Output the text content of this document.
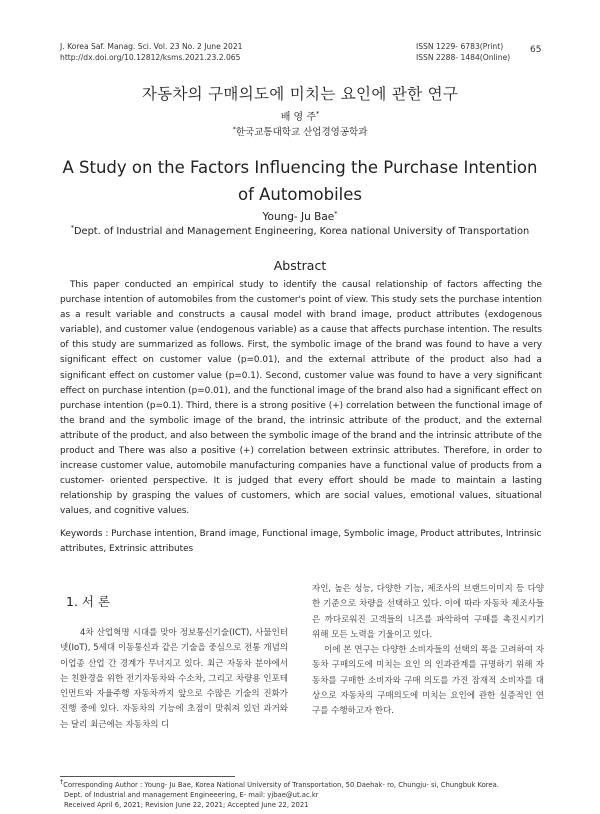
J. Korea Saf. Manag. Sci. Vol. 23 No. 2 June 2021
http://dx.doi.org/10.12812/ksms.2021.23.2.065
ISSN 1229- 6783(Print)
ISSN 2288- 1484(Online)
65
자동차의 구매의도에 미치는 요인에 관한 연구
배 영 주*
*한국교통대학교 산업경영공학과
A Study on the Factors Influencing the Purchase Intention
of Automobiles
Young- Ju Bae*
*Dept. of Industrial and Management Engineering, Korea national University of Transportation
Abstract

This paper conducted an empirical study to identify the causal relationship of factors affecting the purchase intention of automobiles from the customer's point of view. This study sets the purchase intention as a result variable and constructs a causal model with brand image, product attributes (exdogenous variable), and customer value (endogenous variable) as a cause that affects purchase intention. The results of this study are summarized as follows. First, the symbolic image of the brand was found to have a very significant effect on customer value (p=0.01), and the external attribute of the product also had a significant effect on customer value (p=0.1). Second, customer value was found to have a very significant effect on purchase intention (p=0.01), and the functional image of the brand also had a significant effect on purchase intention (p=0.1). Third, there is a strong positive (+) correlation between the functional image of the brand and the symbolic image of the brand, the intrinsic attribute of the product, and the external attribute of the product, and also between the symbolic image of the brand and the intrinsic attribute of the product and There was also a positive (+) correlation between extrinsic attributes. Therefore, in order to increase customer value, automobile manufacturing companies have a functional value of products from a customer- oriented perspective. It is judged that every effort should be made to maintain a lasting relationship by grasping the values of customers, which are social values, emotional values, situational values, and cognitive values.

Keywords : Purchase intention, Brand image, Functional image, Symbolic image, Product attributes, Intrinsic attributes, Extrinsic attributes
1. 서 론

4차 산업혁명 시대를 맞아 정보통신기술(ICT), 사물인터넷(IoT), 5세대 이동통신과 같은 기술을 중심으로 전통 개념의 이업종 산업 간 경계가 무너지고 있다. 최근 자동차 분야에서는 친환경을 위한 전기자동차와 수소차, 그리고 차량용 인포테인먼트와 자율주행 자동차까지 앞으로 수많은 기술의 진화가 진행 중에 있다. 자동차의 기능에 초점이 맞춰져 있던 과거와는 달리 최근에는 자동차의 디

자인, 높은 성능, 다양한 기능, 제조사의 브랜드이미지 등 다양한 기준으로 차량을 선택하고 있다. 이에 따라 자동차 제조사들은 까다로워진 고객들의 니즈를 파악하여 구매를 촉진시키기 위해 모든 노력을 기울이고 있다.

이에 본 연구는 다양한 소비자들의 선택의 폭을 고려하여 자동차 구매의도에 미치는 요인 의 인과관계를 규명하기 위해 자동차를 구매한 소비자와 구매 의도를 가진 잠재적 소비자를 대상으로 자동차의 구매의도에 미치는 요인에 관한 실증적인 연구를 수행하고자 한다.

†Corresponding Author : Young- Ju Bae, Korea National University of Transportation, 50 Daehak- ro, Chungju- si, Chungbuk Korea.
Dept. of Industrial and management Engineeering, E- mail: yjbae@ut.ac.kr
Received April 6, 2021; Revision June 22, 2021; Accepted June 22, 2021
